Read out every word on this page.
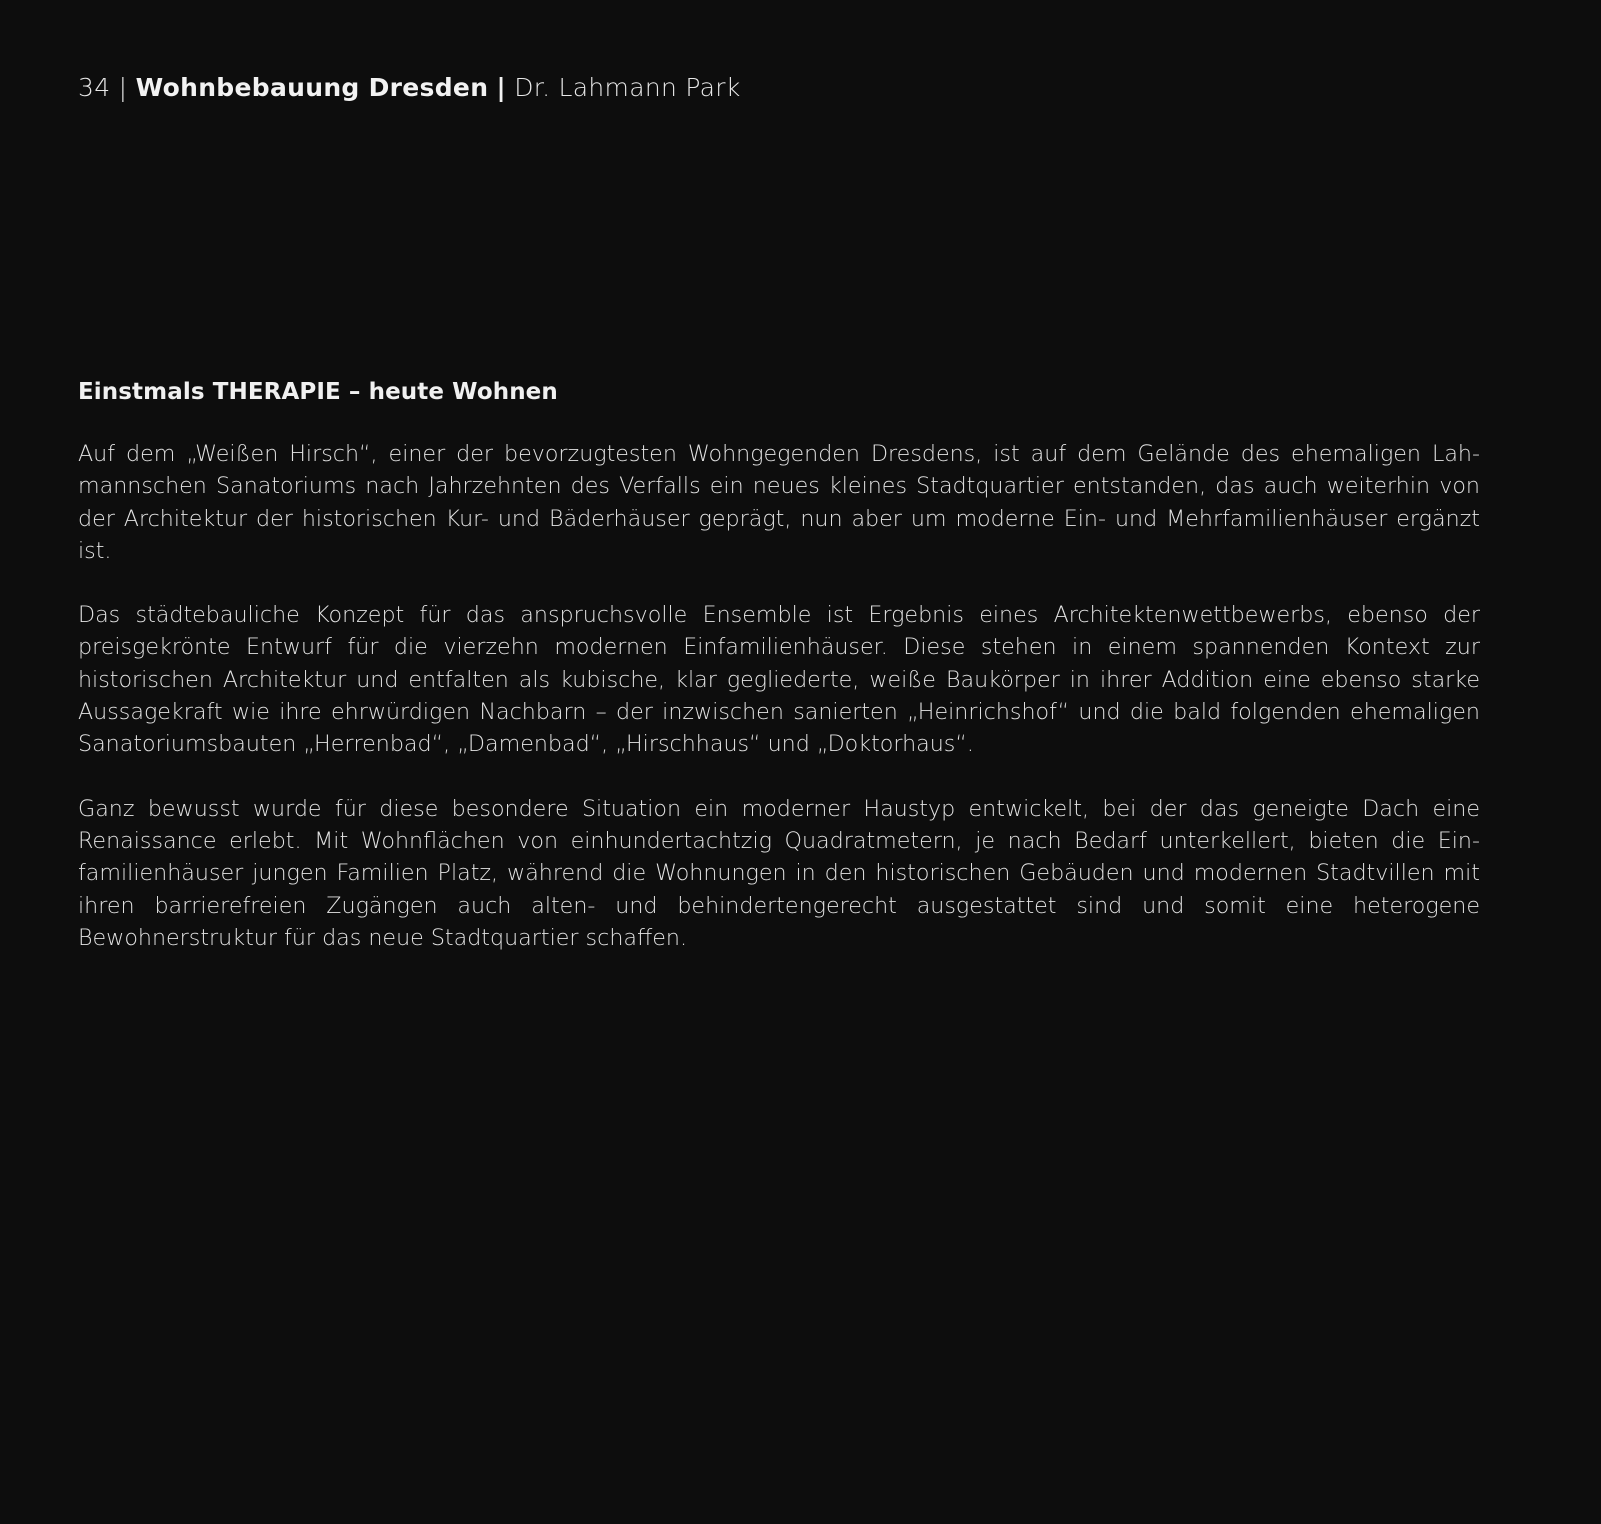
34 | Wohnbebauung Dresden | Dr. Lahmann Park
Einstmals THERAPIE – heute Wohnen

Auf dem „Weißen Hirsch“, einer der bevorzugtesten Wohngegenden Dresdens, ist auf dem Gelände des ehemaligen Lahmannschen Sanatoriums nach Jahrzehnten des Verfalls ein neues kleines Stadtquartier entstanden, das auch weiterhin von der Architektur der historischen Kur- und Bäderhäuser geprägt, nun aber um moderne Ein- und Mehrfamilienhäuser ergänzt ist.

Das städtebauliche Konzept für das anspruchsvolle Ensemble ist Ergebnis eines Architektenwettbewerbs, ebenso der preisgekrönte Entwurf für die vierzehn modernen Einfamilienhäuser. Diese stehen in einem spannenden Kontext zur historischen Architektur und entfalten als kubische, klar gegliederte, weiße Baukörper in ihrer Addition eine ebenso starke Aussagekraft wie ihre ehrwürdigen Nachbarn – der inzwischen sanierten „Heinrichshof“ und die bald folgenden ehemaligen Sanatoriumsbauten „Herrenbad“, „Damenbad“, „Hirschhaus“ und „Doktorhaus“.

Ganz bewusst wurde für diese besondere Situation ein moderner Haustyp entwickelt, bei der das geneigte Dach eine Renaissance erlebt. Mit Wohnflächen von einhundertachtzig Quadratmetern, je nach Bedarf unterkellert, bieten die Einfamilienhäuser jungen Familien Platz, während die Wohnungen in den historischen Gebäuden und modernen Stadtvillen mit ihren barrierefreien Zugängen auch alten- und behindertengerecht ausgestattet sind und somit eine heterogene Bewohnerstruktur für das neue Stadtquartier schaffen.
